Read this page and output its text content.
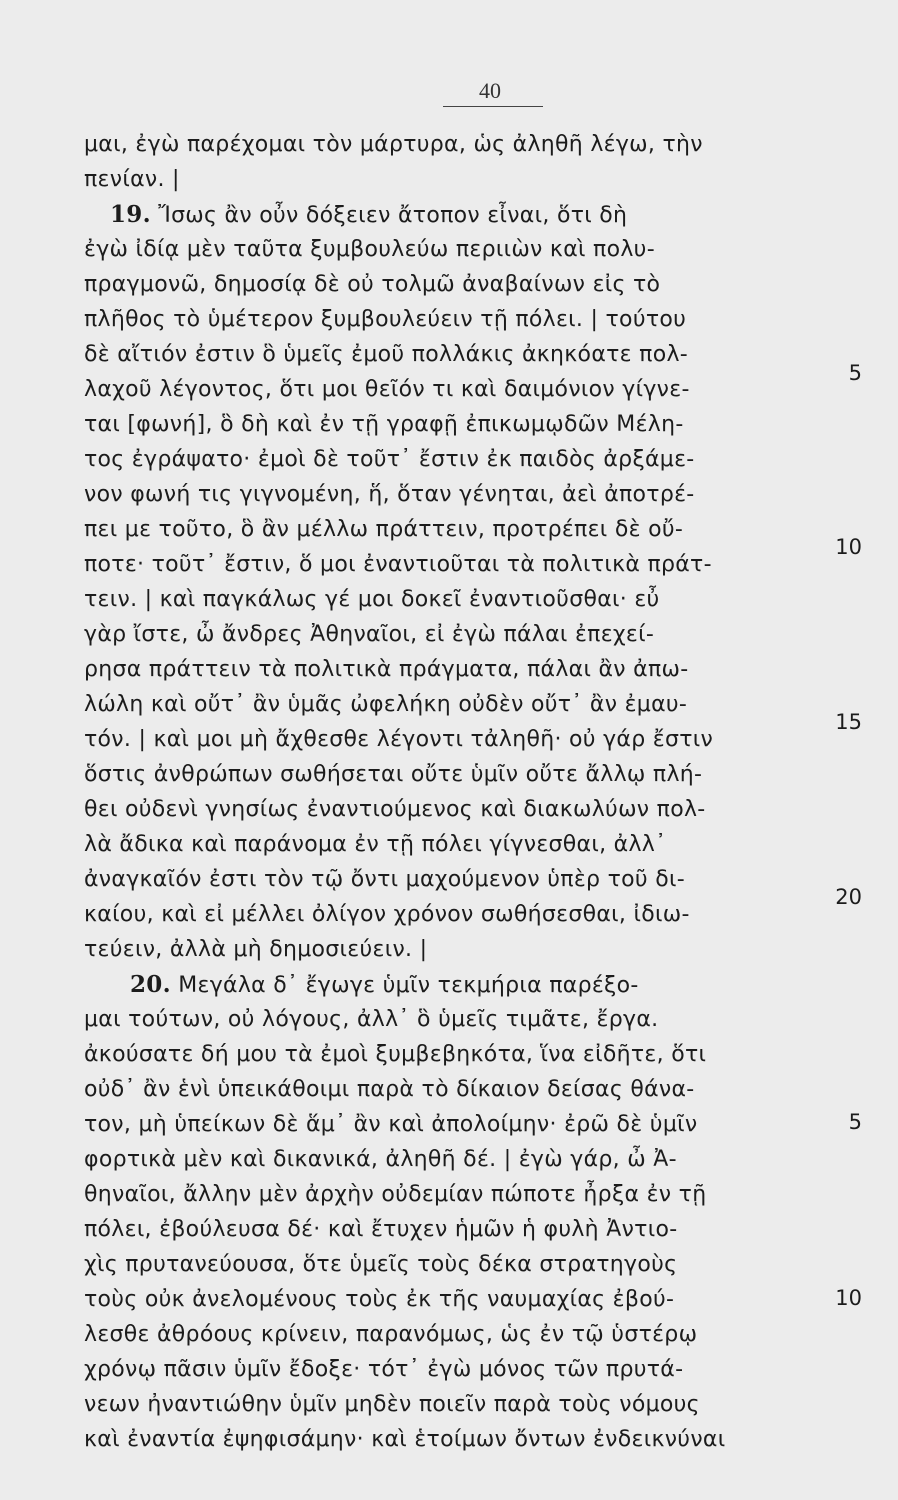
40
μαι, ἐγὼ παρέχομαι τὸν μάρτυρα, ὡς ἀληθῆ λέγω, τὴν
πενίαν. |
19. Ἴσως ἂν οὖν δόξειεν ἄτοπον εἶναι, ὅτι δὴ
ἐγὼ ἰδίᾳ μὲν ταῦτα ξυμβουλεύω περιιὼν καὶ πολυ-
πραγμονῶ, δημοσίᾳ δὲ οὐ τολμῶ ἀναβαίνων εἰς τὸ
πλῆθος τὸ ὑμέτερον ξυμβουλεύειν τῇ πόλει. | τούτου
δὲ αἴτιόν ἐστιν ὃ ὑμεῖς ἐμοῦ πολλάκις ἀκηκόατε πολ-
5
λαχοῦ λέγοντος, ὅτι μοι θεῖόν τι καὶ δαιμόνιον γίγνε-
ται [φωνή], ὃ δὴ καὶ ἐν τῇ γραφῇ ἐπικωμῳδῶν Μέλη-
τος ἐγράψατο· ἐμοὶ δὲ τοῦτ᾽ ἔστιν ἐκ παιδὸς ἀρξάμε-
νον φωνή τις γιγνομένη, ἥ, ὅταν γένηται, ἀεὶ ἀποτρέ-
πει με τοῦτο, ὃ ἂν μέλλω πράττειν, προτρέπει δὲ οὔ-
10
ποτε· τοῦτ᾽ ἔστιν, ὅ μοι ἐναντιοῦται τὰ πολιτικὰ πράτ-
τειν. | καὶ παγκάλως γέ μοι δοκεῖ ἐναντιοῦσθαι· εὖ
γὰρ ἴστε, ὦ ἄνδρες Ἀθηναῖοι, εἰ ἐγὼ πάλαι ἐπεχεί-
ρησα πράττειν τὰ πολιτικὰ πράγματα, πάλαι ἂν ἀπω-
λώλη καὶ οὔτ᾽ ἂν ὑμᾶς ὠφελήκη οὐδὲν οὔτ᾽ ἂν ἐμαυ-
15
τόν. | καὶ μοι μὴ ἄχθεσθε λέγοντι τἀληθῆ· οὐ γάρ ἔστιν
ὅστις ἀνθρώπων σωθήσεται οὔτε ὑμῖν οὔτε ἄλλῳ πλή-
θει οὐδενὶ γνησίως ἐναντιούμενος καὶ διακωλύων πολ-
λὰ ἄδικα καὶ παράνομα ἐν τῇ πόλει γίγνεσθαι, ἀλλ᾽
ἀναγκαῖόν ἐστι τὸν τῷ ὄντι μαχούμενον ὑπὲρ τοῦ δι-
20
καίου, καὶ εἰ μέλλει ὀλίγον χρόνον σωθήσεσθαι, ἰδιω-
τεύειν, ἀλλὰ μὴ δημοσιεύειν. |
20. Μεγάλα δ᾽ ἔγωγε ὑμῖν τεκμήρια παρέξο-
μαι τούτων, οὐ λόγους, ἀλλ᾽ ὃ ὑμεῖς τιμᾶτε, ἔργα.
ἀκούσατε δή μου τὰ ἐμοὶ ξυμβεβηκότα, ἵνα εἰδῆτε, ὅτι
οὐδ᾽ ἂν ἑνὶ ὑπεικάθοιμι παρὰ τὸ δίκαιον δείσας θάνα-
τον, μὴ ὑπείκων δὲ ἅμ᾽ ἂν καὶ ἀπολοίμην· ἐρῶ δὲ ὑμῖν	5
φορτικὰ μὲν καὶ δικανικά, ἀληθῆ δέ. | ἐγὼ γάρ, ὦ Ἀ-
θηναῖοι, ἄλλην μὲν ἀρχὴν οὐδεμίαν πώποτε ἦρξα ἐν τῇ
πόλει, ἐβούλευσα δέ· καὶ ἔτυχεν ἡμῶν ἡ φυλὴ Ἀντιο-
χὶς πρυτανεύουσα, ὅτε ὑμεῖς τοὺς δέκα στρατηγοὺς
τοὺς οὐκ ἀνελομένους τοὺς ἐκ τῆς ναυμαχίας ἐβού-	10
λεσθε ἀθρόους κρίνειν, παρανόμως, ὡς ἐν τῷ ὑστέρῳ
χρόνῳ πᾶσιν ὑμῖν ἔδοξε· τότ᾽ ἐγὼ μόνος τῶν πρυτά-
νεων ἠναντιώθην ὑμῖν μηδὲν ποιεῖν παρὰ τοὺς νόμους
καὶ ἐναντία ἐψηφισάμην· καὶ ἑτοίμων ὄντων ἐνδεικνύναι
